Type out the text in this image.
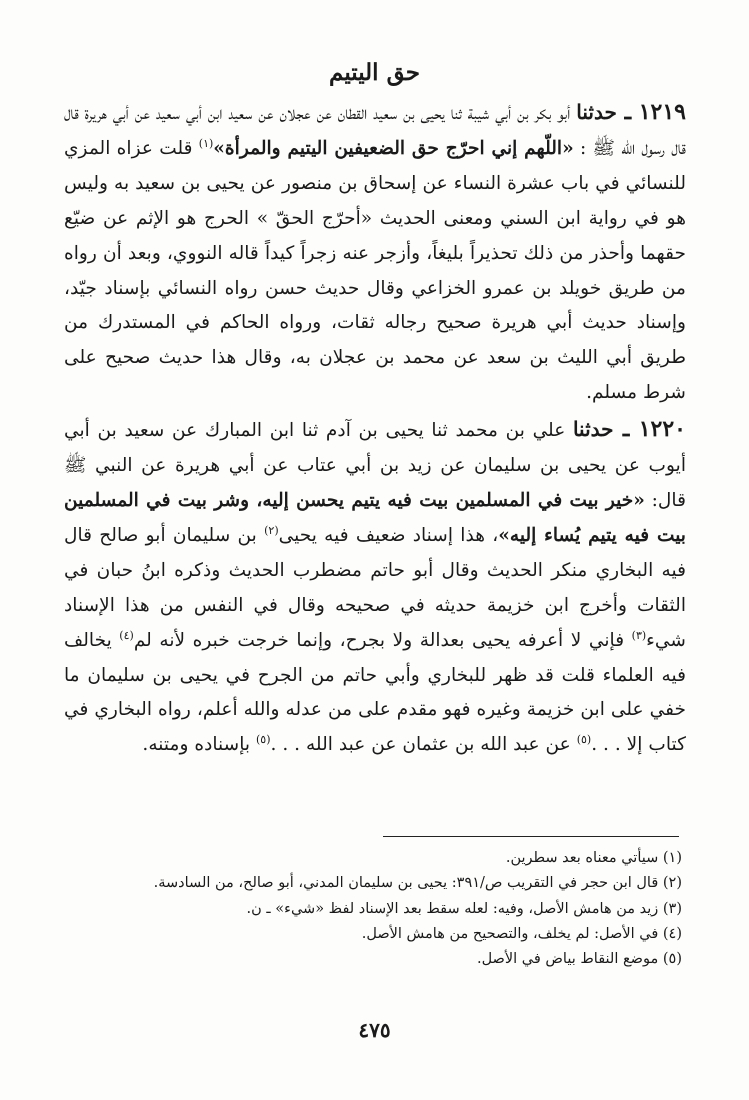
حق اليتيم

١٢١٩ ـ حدثنا أبو بكر بن أبي شيبة ثنا يحيى بن سعيد القطان عن عجلان عن سعيد ابن أبي سعيد عن أبي هريرة قال قال رسول الله ﷺ : «اللّهم إني احرّج حق الضعيفين اليتيم والمرأة»$^{(١)}$ قلت عزاه المزي للنسائي في باب عشرة النساء عن إسحاق بن منصور عن يحيى بن سعيد به وليس هو في رواية ابن السني ومعنى الحديث «أحرّج الحقّ » الحرج هو الإثم عن ضيّع حقهما وأحذر من ذلك تحذيراً بليغاً، وأزجر عنه زجراً كيداً قاله النووي، وبعد أن رواه من طريق خويلد بن عمرو الخزاعي وقال حديث حسن رواه النسائي بإسناد جيّد، وإسناد حديث أبي هريرة صحيح رجاله ثقات، ورواه الحاكم في المستدرك من طريق أبي الليث بن سعد عن محمد بن عجلان به، وقال هذا حديث صحيح على شرط مسلم.

١٢٢٠ ـ حدثنا علي بن محمد ثنا يحيى بن آدم ثنا ابن المبارك عن سعيد بن أبي أيوب عن يحيى بن سليمان عن زيد بن أبي عتاب عن أبي هريرة عن النبي ﷺ قال: «خير بيت في المسلمين بيت فيه يتيم يحسن إليه، وشر بيت في المسلمين بيت فيه يتيم يُساء إليه»، هذا إسناد ضعيف فيه يحيى$^{(٢)}$ بن سليمان أبو صالح قال فيه البخاري منكر الحديث وقال أبو حاتم مضطرب الحديث وذكره ابنُ حبان في الثقات وأخرج ابن خزيمة حديثه في صحيحه وقال في النفس من هذا الإسناد شيء$^{(٣)}$ فإني لا أعرفه يحيى بعدالة ولا بجرح، وإنما خرجت خبره لأنه لم$^{(٤)}$ يخالف فيه العلماء قلت قد ظهر للبخاري وأبي حاتم من الجرح في يحيى بن سليمان ما خفي على ابن خزيمة وغيره فهو مقدم على من عدله والله أعلم، رواه البخاري في كتاب إلا . . .$^{(٥)}$ عن عبد الله بن عثمان عن عبد الله . . .$^{(٥)}$ بإسناده ومتنه.

(١) سيأتي معناه بعد سطرين.
(٢) قال ابن حجر في التقريب ص/٣٩١: يحيى بن سليمان المدني، أبو صالح، من السادسة.
(٣) زيد من هامش الأصل، وفيه: لعله سقط بعد الإسناد لفظ «شيء» ـ ن.
(٤) في الأصل: لم يخلف، والتصحيح من هامش الأصل.
(٥) موضع النقاط بياض في الأصل.
٤٧٥
